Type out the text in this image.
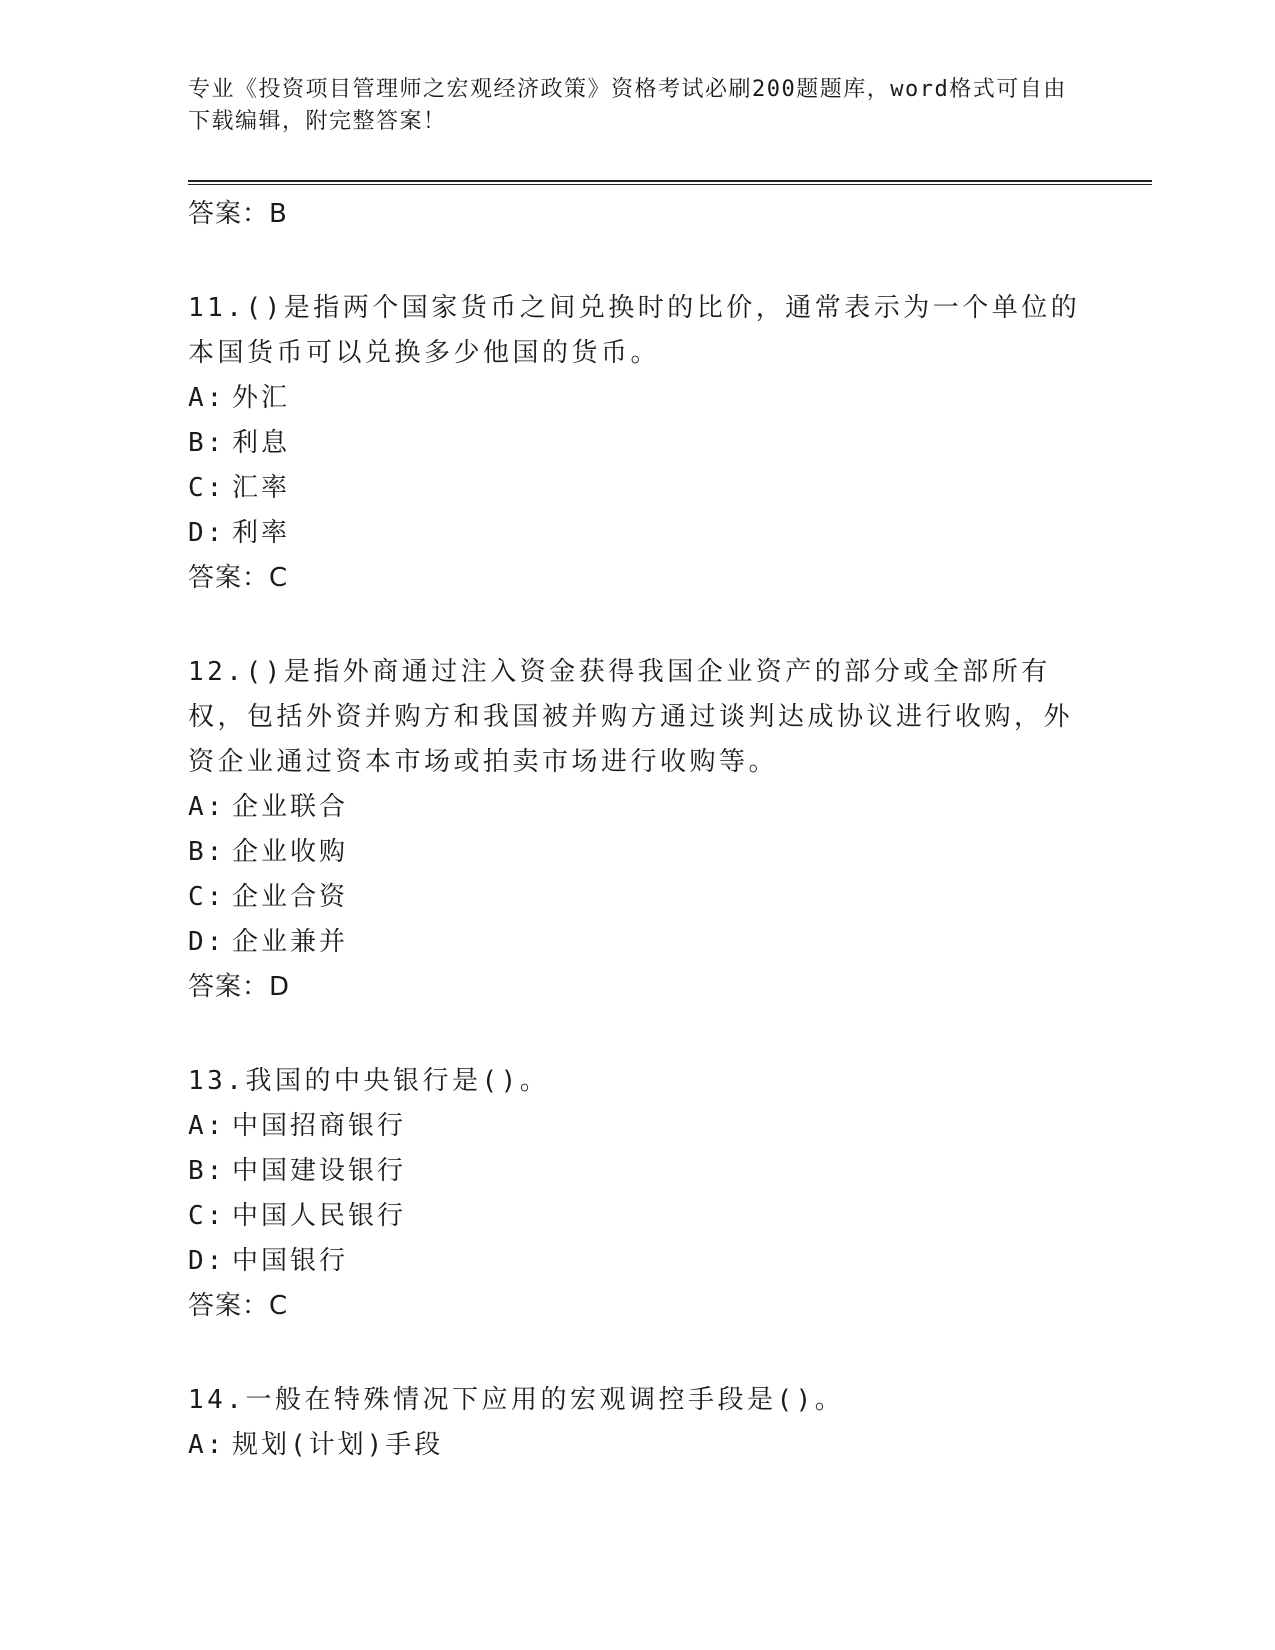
专业《投资项目管理师之宏观经济政策》资格考试必刷200题题库，word格式可自由下载编辑，附完整答案！
答案：B
11.()是指两个国家货币之间兑换时的比价，通常表示为一个单位的本国货币可以兑换多少他国的货币。
A: 外汇
B: 利息
C: 汇率
D: 利率
答案：C
12.()是指外商通过注入资金获得我国企业资产的部分或全部所有权，包括外资并购方和我国被并购方通过谈判达成协议进行收购，外资企业通过资本市场或拍卖市场进行收购等。
A: 企业联合
B: 企业收购
C: 企业合资
D: 企业兼并
答案：D
13.我国的中央银行是()。
A: 中国招商银行
B: 中国建设银行
C: 中国人民银行
D: 中国银行
答案：C
14.一般在特殊情况下应用的宏观调控手段是()。
A: 规划(计划)手段
